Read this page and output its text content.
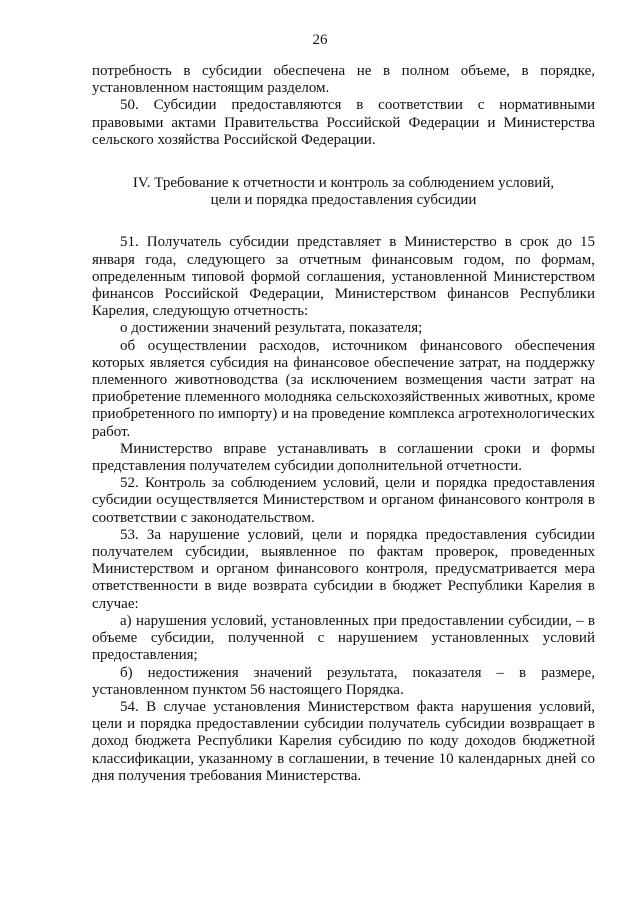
26

потребность в субсидии обеспечена не в полном объеме, в порядке, установленном настоящим разделом.

50. Субсидии предоставляются в соответствии с нормативными правовыми актами Правительства Российской Федерации и Министерства сельского хозяйства Российской Федерации.

IV. Требование к отчетности и контроль за соблюдением условий,
цели и порядка предоставления субсидии

51. Получатель субсидии представляет в Министерство в срок до 15 января года, следующего за отчетным финансовым годом, по формам, определенным типовой формой соглашения, установленной Министерством финансов Российской Федерации, Министерством финансов Республики Карелия, следующую отчетность:

о достижении значений результата, показателя;

об осуществлении расходов, источником финансового обеспечения которых является субсидия на финансовое обеспечение затрат, на поддержку племенного животноводства (за исключением возмещения части затрат на приобретение племенного молодняка сельскохозяйственных животных, кроме приобретенного по импорту) и на проведение комплекса агротехнологических работ.

Министерство вправе устанавливать в соглашении сроки и формы представления получателем субсидии дополнительной отчетности.

52. Контроль за соблюдением условий, цели и порядка предоставления субсидии осуществляется Министерством и органом финансового контроля в соответствии с законодательством.

53. За нарушение условий, цели и порядка предоставления субсидии получателем субсидии, выявленное по фактам проверок, проведенных Министерством и органом финансового контроля, предусматривается мера ответственности в виде возврата субсидии в бюджет Республики Карелия в случае:

а) нарушения условий, установленных при предоставлении субсидии, – в объеме субсидии, полученной с нарушением установленных условий предоставления;

б) недостижения значений результата, показателя – в размере, установленном пунктом 56 настоящего Порядка.

54. В случае установления Министерством факта нарушения условий, цели и порядка предоставлении субсидии получатель субсидии возвращает в доход бюджета Республики Карелия субсидию по коду доходов бюджетной классификации, указанному в соглашении, в течение 10 календарных дней со дня получения требования Министерства.
